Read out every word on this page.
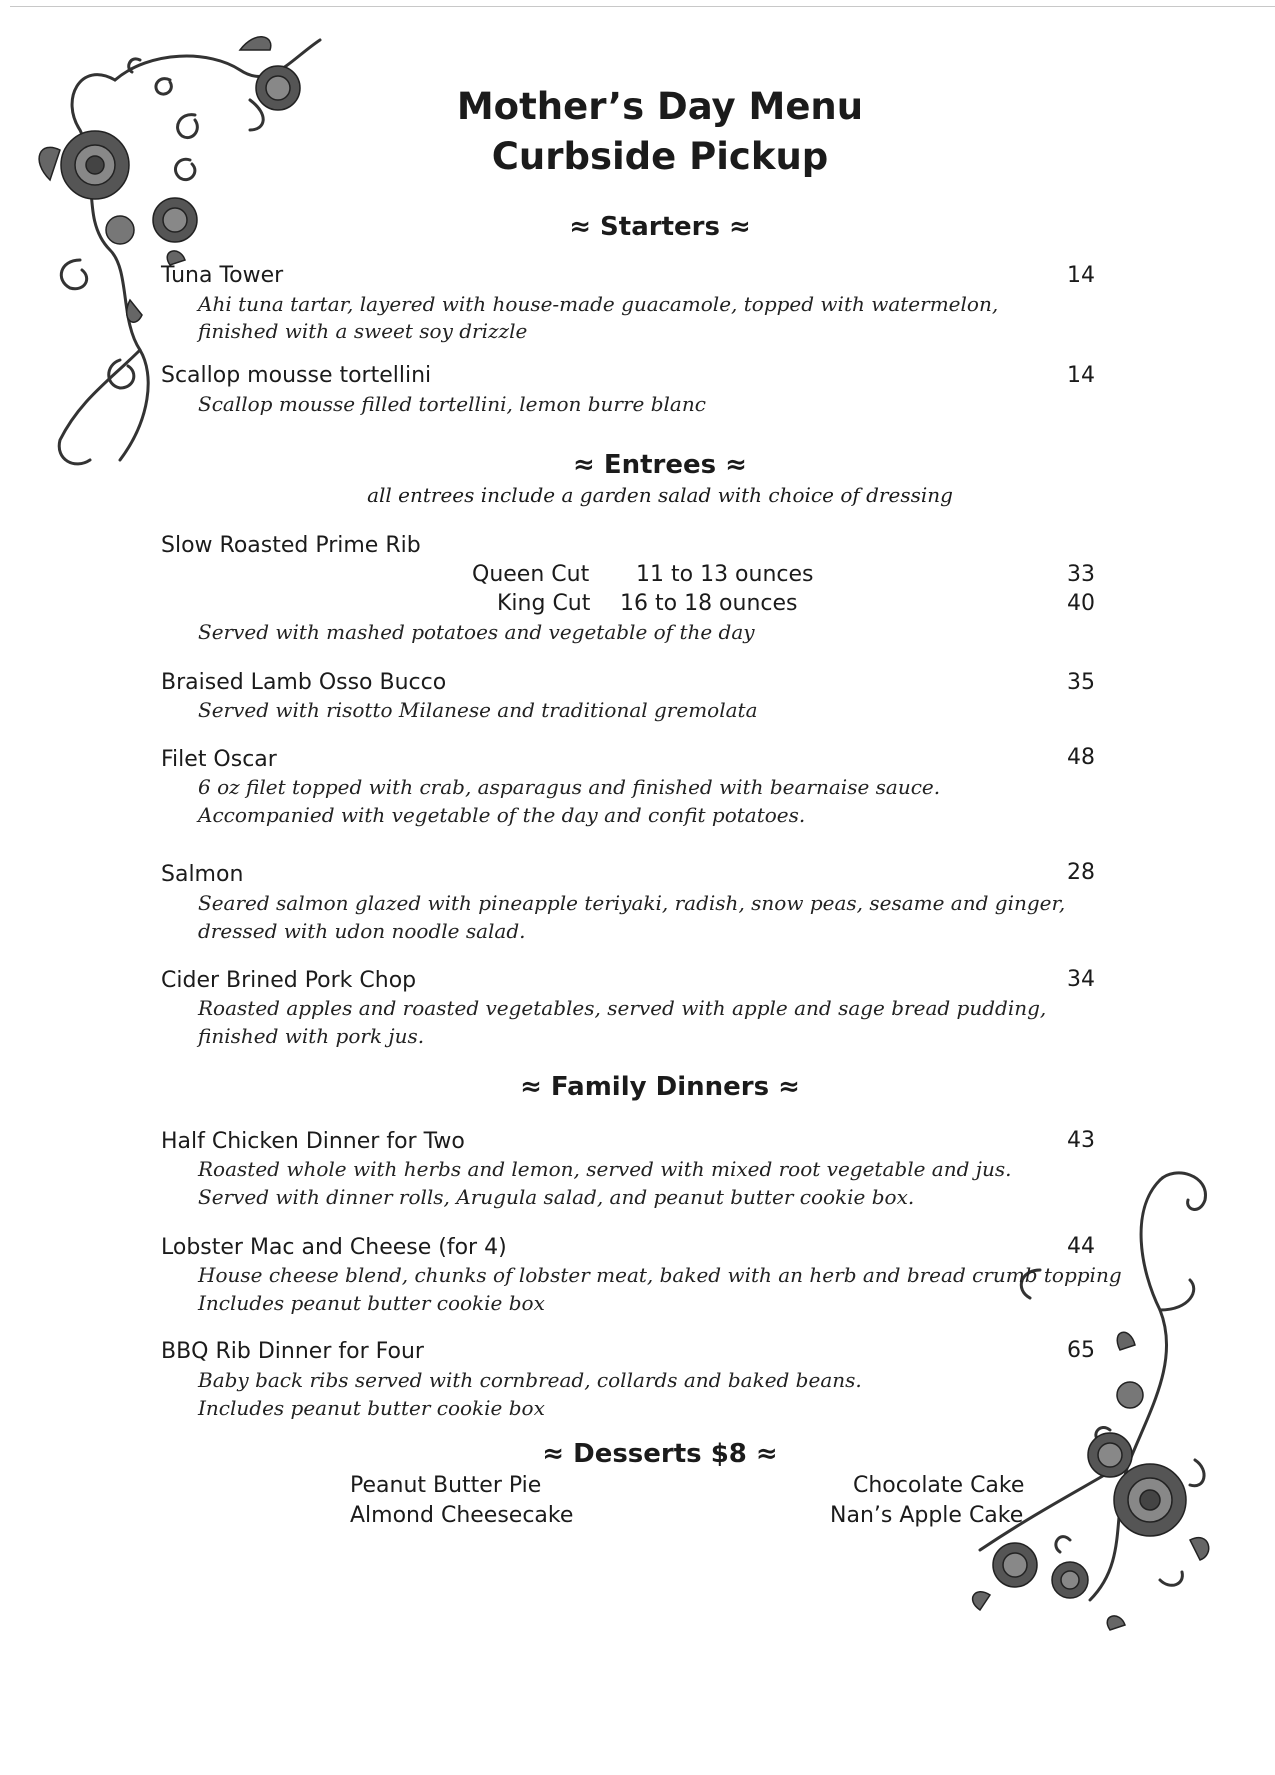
Mother’s Day Menu
Curbside Pickup
≈ Starters ≈
Tuna Tower	14
Ahi tuna tartar, layered with house-made guacamole, topped with watermelon,
finished with a sweet soy drizzle
Scallop mousse tortellini	14
Scallop mousse filled tortellini, lemon burre blanc
≈ Entrees ≈
all entrees include a garden salad with choice of dressing
Slow Roasted Prime Rib
Queen Cut 11 to 13 ounces	33
King Cut 16 to 18 ounces	40
Served with mashed potatoes and vegetable of the day
Braised Lamb Osso Bucco	35
Served with risotto Milanese and traditional gremolata
Filet Oscar	48
6 oz filet topped with crab, asparagus and finished with bearnaise sauce.
Accompanied with vegetable of the day and confit potatoes.
Salmon	28
Seared salmon glazed with pineapple teriyaki, radish, snow peas, sesame and ginger,
dressed with udon noodle salad.
Cider Brined Pork Chop	34
Roasted apples and roasted vegetables, served with apple and sage bread pudding,
finished with pork jus.
≈ Family Dinners ≈
Half Chicken Dinner for Two	43
Roasted whole with herbs and lemon, served with mixed root vegetable and jus.
Served with dinner rolls, Arugula salad, and peanut butter cookie box.
Lobster Mac and Cheese (for 4)	44
House cheese blend, chunks of lobster meat, baked with an herb and bread crumb topping
Includes peanut butter cookie box
BBQ Rib Dinner for Four	65
Baby back ribs served with cornbread, collards and baked beans.
Includes peanut butter cookie box
≈ Desserts $8 ≈
Peanut Butter Pie
Almond Cheesecake
Chocolate Cake
Nan’s Apple Cake
